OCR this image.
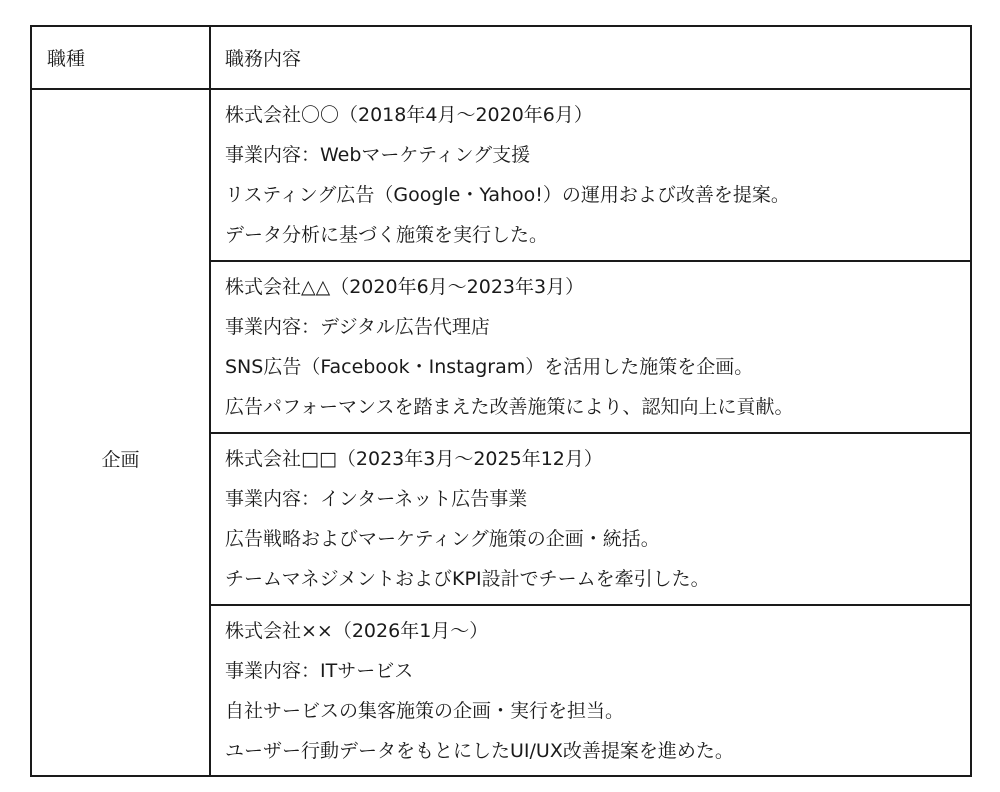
職種	職務内容
企画	株式会社〇〇（2018年4月～2020年6月）
事業内容：Webマーケティング支援
リスティング広告（Google・Yahoo!）の運用および改善を提案。
データ分析に基づく施策を実行した。

	株式会社△△（2020年6月～2023年3月）
事業内容：デジタル広告代理店
SNS広告（Facebook・Instagram）を活用した施策を企画。
広告パフォーマンスを踏まえた改善施策により、認知向上に貢献。

	株式会社□□（2023年3月～2025年12月）
事業内容：インターネット広告事業
広告戦略およびマーケティング施策の企画・統括。
チームマネジメントおよびKPI設計でチームを牽引した。

	株式会社××（2026年1月～）
事業内容：ITサービス
自社サービスの集客施策の企画・実行を担当。
ユーザー行動データをもとにしたUI/UX改善提案を進めた。
